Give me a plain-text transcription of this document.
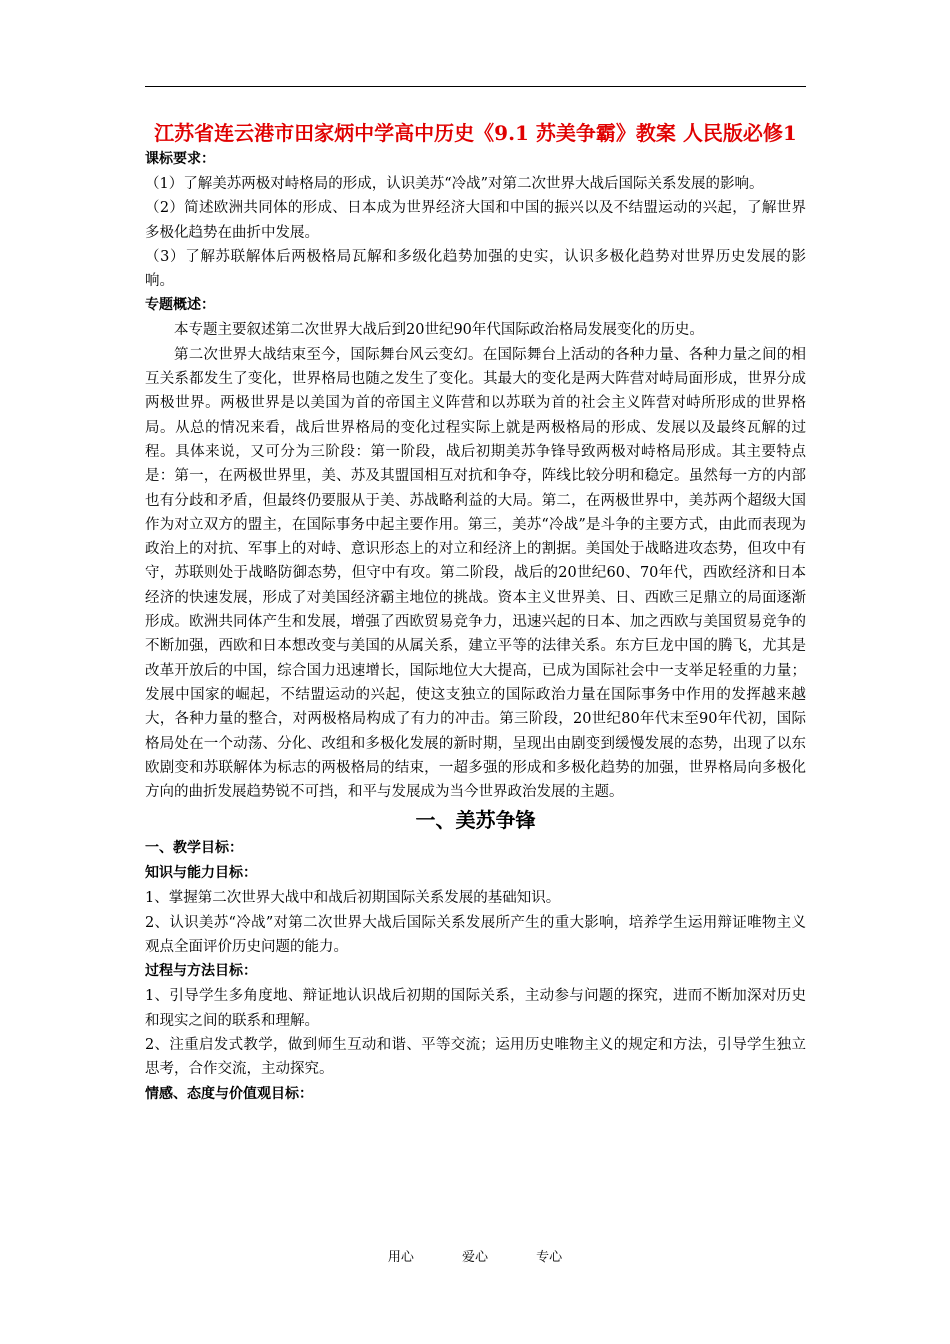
江苏省连云港市田家炳中学高中历史《9.1 苏美争霸》教案 人民版必修1

课标要求：

（1）了解美苏两极对峙格局的形成，认识美苏“冷战”对第二次世界大战后国际关系发展的影响。

（2）简述欧洲共同体的形成、日本成为世界经济大国和中国的振兴以及不结盟运动的兴起，了解世界多极化趋势在曲折中发展。

（3）了解苏联解体后两极格局瓦解和多级化趋势加强的史实，认识多极化趋势对世界历史发展的影响。

专题概述：

本专题主要叙述第二次世界大战后到20世纪90年代国际政治格局发展变化的历史。

第二次世界大战结束至今，国际舞台风云变幻。在国际舞台上活动的各种力量、各种力量之间的相互关系都发生了变化，世界格局也随之发生了变化。其最大的变化是两大阵营对峙局面形成，世界分成两极世界。两极世界是以美国为首的帝国主义阵营和以苏联为首的社会主义阵营对峙所形成的世界格局。从总的情况来看，战后世界格局的变化过程实际上就是两极格局的形成、发展以及最终瓦解的过程。具体来说，又可分为三阶段：第一阶段，战后初期美苏争锋导致两极对峙格局形成。其主要特点是：第一，在两极世界里，美、苏及其盟国相互对抗和争夺，阵线比较分明和稳定。虽然每一方的内部也有分歧和矛盾，但最终仍要服从于美、苏战略利益的大局。第二，在两极世界中，美苏两个超级大国作为对立双方的盟主，在国际事务中起主要作用。第三，美苏“冷战”是斗争的主要方式，由此而表现为政治上的对抗、军事上的对峙、意识形态上的对立和经济上的割据。美国处于战略进攻态势，但攻中有守，苏联则处于战略防御态势，但守中有攻。第二阶段，战后的20世纪60、70年代，西欧经济和日本经济的快速发展，形成了对美国经济霸主地位的挑战。资本主义世界美、日、西欧三足鼎立的局面逐渐形成。欧洲共同体产生和发展，增强了西欧贸易竞争力，迅速兴起的日本、加之西欧与美国贸易竞争的不断加强，西欧和日本想改变与美国的从属关系，建立平等的法律关系。东方巨龙中国的腾飞，尤其是改革开放后的中国，综合国力迅速增长，国际地位大大提高，已成为国际社会中一支举足轻重的力量；发展中国家的崛起，不结盟运动的兴起，使这支独立的国际政治力量在国际事务中作用的发挥越来越大，各种力量的整合，对两极格局构成了有力的冲击。第三阶段，20世纪80年代末至90年代初，国际格局处在一个动荡、分化、改组和多极化发展的新时期，呈现出由剧变到缓慢发展的态势，出现了以东欧剧变和苏联解体为标志的两极格局的结束，一超多强的形成和多极化趋势的加强，世界格局向多极化方向的曲折发展趋势锐不可挡，和平与发展成为当今世界政治发展的主题。

一、美苏争锋

一、教学目标：

知识与能力目标：

1、掌握第二次世界大战中和战后初期国际关系发展的基础知识。

2、认识美苏“冷战”对第二次世界大战后国际关系发展所产生的重大影响，培养学生运用辩证唯物主义观点全面评价历史问题的能力。

过程与方法目标：

1、引导学生多角度地、辩证地认识战后初期的国际关系，主动参与问题的探究，进而不断加深对历史和现实之间的联系和理解。

2、注重启发式教学，做到师生互动和谐、平等交流；运用历史唯物主义的规定和方法，引导学生独立思考，合作交流，主动探究。

情感、态度与价值观目标：

用心	爱心	专心
